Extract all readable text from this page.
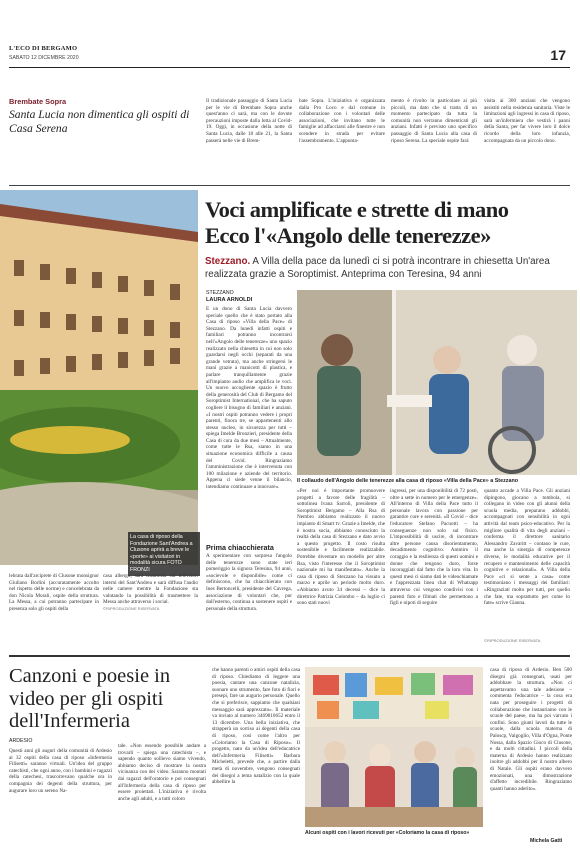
L'ECO DI BERGAMO
SABATO 12 DICEMBRE 2020	17
Brembate Sopra
Santa Lucia non dimentica gli ospiti di Casa Serena

Il tradizionale passaggio di Santa Lucia per le vie di Brembate Sopra anche quest'anno ci sarà, ma con le dovute precauzioni imposte dalla lotta al Covid-19. Oggi, in occasione della notte di Santa Lucia, dalle 18 alle 21, la Santa passerà nelle vie di Brem-

bate Sopra. L'iniziativa è organizzata dalla Pro Loco e dal comune in collaborazione con i volontari delle associazioni, che invitano tutte le famiglie ad affacciarsi alle finestre e non scendere in strada per evitare l'assembramento. L'appunta-

mento è rivolto in particolare ai più piccoli, ma dato che si tratta di un momento partecipato da tutta la comunità non verranno dimenticati gli anziani. Infatti è previsto uno specifico passaggio di Santa Lucia alla casa di riposo Serena. La speciale ospite farà

visita ai 300 anziani che vengono assistiti nella residenza sanitaria. Viste le limitazioni agli ingressi in casa di riposo, sarà un'infermiera che vestirà i panni della Santa, per far vivere loro il dolce ricordo della loro infanzia, accompagnata da un piccolo dono.

La casa di riposo della Fondazione Sant'Andrea a Clusone aprirà a breve le «porte» ai visitatori in modalità sicura FOTO FRONZI
Voci amplificate e strette di mano
Ecco l'«Angolo delle tenerezze»
Stezzano. A Villa della pace da lunedì ci si potrà incontrare in chiesetta Un'area realizzata grazie a Soroptimist. Anteprima con Teresina, 94 anni
STEZZANO
LAURA ARNOLDI

È un dono di Santa Lucia davvero speciale quello che è stato portato alla Casa di riposo «Villa della Pace» di Stezzano. Da lunedì infatti ospiti e familiari potranno incontrarsi nell'«Angolo delle tenerezze» uno spazio realizzato nella chiesetta in cui non solo guardarsi negli occhi (separati da una grande vetrata), ma anche stringersi le mani grazie a manicotti di plastica, e parlare tranquillamente grazie all'impianto audio che amplifica le voci. Un nuovo accogliente spazio è frutto della generosità del Club di Bergamo del Soroptimist International, che ha saputo cogliere il bisogno di familiari e anziani. «I nostri ospiti potranno vedere i propri parenti, finora tre, se appartenenti allo stesso nucleo, in sicurezza per tutti – spiega Imelde Bronzieri, presidente della Casa di cura da due mesi – Attualmente, come tutte le Rsa, siamo in una situazione economica difficile a causa del Covid. Ringraziamo l'amministrazione che è intervenuta con 100 milazione e aziende del territorio. Appena ci siede venne il bilancio, intendiamo continuare a innovare».

Prima chiacchierata

A sperimentare con sorpresa l'angolo delle tenerezze sono state ieri pomeriggio la signora Teresina, 94 anni, «socievole e disponibile» come ci definiscono, che ha chiacchierato con Ines Bertoncelli, presidente del Cavrega, associazione di volontari che, pur dall'esterno, continua a sostenere ospiti e personale della struttura.

lebrata dall'arciprete di Clusone monsignor Giuliano Borlini (accuratamente accolto nel rispetto delle norme) e concelebrata da don Nicola Morali, ospite della struttura. La Messa, a cui potranno partecipare in presenza solo gli ospiti della

casa albergo, sarà trasmessa sui televisori interni del Sant'Andrea e sarà diffusa l'audio nelle camere mentre la Fondazione sta valutando la possibilità di trasmettere la Messa anche attraverso i social.

©RIPRODUZIONE RISERVATA
Il collaudo dell'Angolo delle tenerezze alla casa di riposo «Villa della Pace» a Stezzano

«Per noi è importante promuovere progetti a favore delle fragilità – sottolinea Ivana Sarroli, presidente di Soroptimist Bergamo – Alla Rsa di Nembro abbiamo realizzato il nuovo impianto di Smart tv. Grazie a Imelde, che è nostra socia, abbiamo conosciuto la realtà della casa di Stezzano e dato avvio a questo progetto. Il costo risulta sostenibile e facilmente realizzabile. Potrebbe diventare un modello per altre Rsa, visto l'interesse che il Soroptimist nazionale mi ha manifestato». Anche la casa di riposo di Stezzano ha vissuto a marzo e aprile un periodo molto duro. «Abbiamo avuto 34 decessi – dice la direttrice Patrizia Colombo – da luglio ci sono stati nuovi

ingressi, per una disponibilità di 72 posti, oltre a sette in numero per le emergenze». All'interno di Villa della Pace tutto il personale lavora con passione per garantire cure e serenità. «Il Covid – dice l'educatore Stefano Pacuotti – ha conseguenze non solo sul fisico. L'impossibilità di uscire, di incontrare altre persone causa disorientamento, decadimento cognitivo. Ammiro il coraggio e la resilienza di questi uomini e donne che tengono duro, forse incoraggiati dal fatto che la loro vita. In questi mesi ci siamo dati le videochiamate e l'apprezzata linea chat di Whatsapp attraverso cui vengono condivisi con i parenti foto e filmati che permettono a figli e nipoti di seguire

quanto accade a Villa Pace. Gli anziani dipingono, giocano a tombola, si collegano in video con gli alunni della scuola media, preparano addobbi, accompagnati con sensibilità in ogni attività dal team psico-educativo. Per la migliore qualità di vita degli anziani – conferma il direttore sanitario Alessandro Zavaritt – contano le cure, ma anche la sinergia di competenze diverse, le modalità educative per il recupero e mantenimento delle capacità cognitive e relazionali». A Villa della Pace «ci si sente a casa» come testimoniano i messaggi dei familiari: «Ringraziati molto per tutti, per quello che fate, ma soprattutto per come lo fate» scrive Gianna.

©RIPRODUZIONE RISERVATA
Canzoni e poesie in video per gli ospiti dell'Infermeria
ARDESIO

Questi anni gli auguri della comunità di Ardesio ai 32 ospiti della casa di riposo «Infermeria Filisetti» saranno virtuali. Un'idea del gruppo catechisti, che ogni anno, con i bambini e ragazzi della catechesi, trascorrevano qualche ora in compagnia dei degenti della struttura, per augurare loro un sereno Na-

tale. «Non essendo possibile andare a trovarli – spiega una catechista –, e sapendo quanto sollievo siamo vivendo, abbiamo deciso di mostrare la nostra vicinanza con dei video. Saranno montati dai ragazzi dell'oratorio e poi consegnati all'Infermeria della casa di riposo per essere proiettati. L'iniziativa è rivolta anche agli adulti, e a tutti coloro

che hanno parenti o amici ospiti della casa di riposo. Chiediamo di leggere una poesia, cantare una canzone natalizia, suonare uno strumento, fare foto di fiori e presepi, fare un augurio personale. Quello che si preferisce, sappiamo che qualsiasi messaggio sarà apprezzato». Il materiale va inviato al numero 3469810652 entro il 13 dicembre. Una bella iniziativa, che strapperà un sorriso ai degenti della casa di riposo, così come l'altro per «Coloriamo la Casa di Riposo». Il progetto, nato da un'idea dell'educatrice dell'«Infermeria Filisetti» Barbara Micheletti, prevede che, a partire dalla metà di novembre, vengono consegnati dei disegni a tema natalizio con la quale abbellire la

Alcuni ospiti con i lavori ricevuti per «Coloriamo la casa di riposo»

casa di riposo di Ardesio. Ben 500 disegni già consegnati, usati per addobbare la struttura. «Non ci aspettavamo una tale adesione – commenta l'educatrice – la cosa era nata per proseguire i progetti di collaborazione che instauriamo con le scuole del paese, ma ha poi varcato i confini. Sono giunti lavori da tutte le scuole, dalla scuola materna di Paloscp, Valgoglio, Villa d'Ogna, Ponte Nossa, dalla Spazio Gioco di Clusone, e da molti cittadini. I piccoli della materna di Ardesio hanno realizzato inoltre gli addobbi per il nostro albero di Natale. Gli ospiti erano davvero emozionati, una dimostrazione d'affetto incredibile. Ringraziamo quanti hanno aderito».

Michela Gatti
